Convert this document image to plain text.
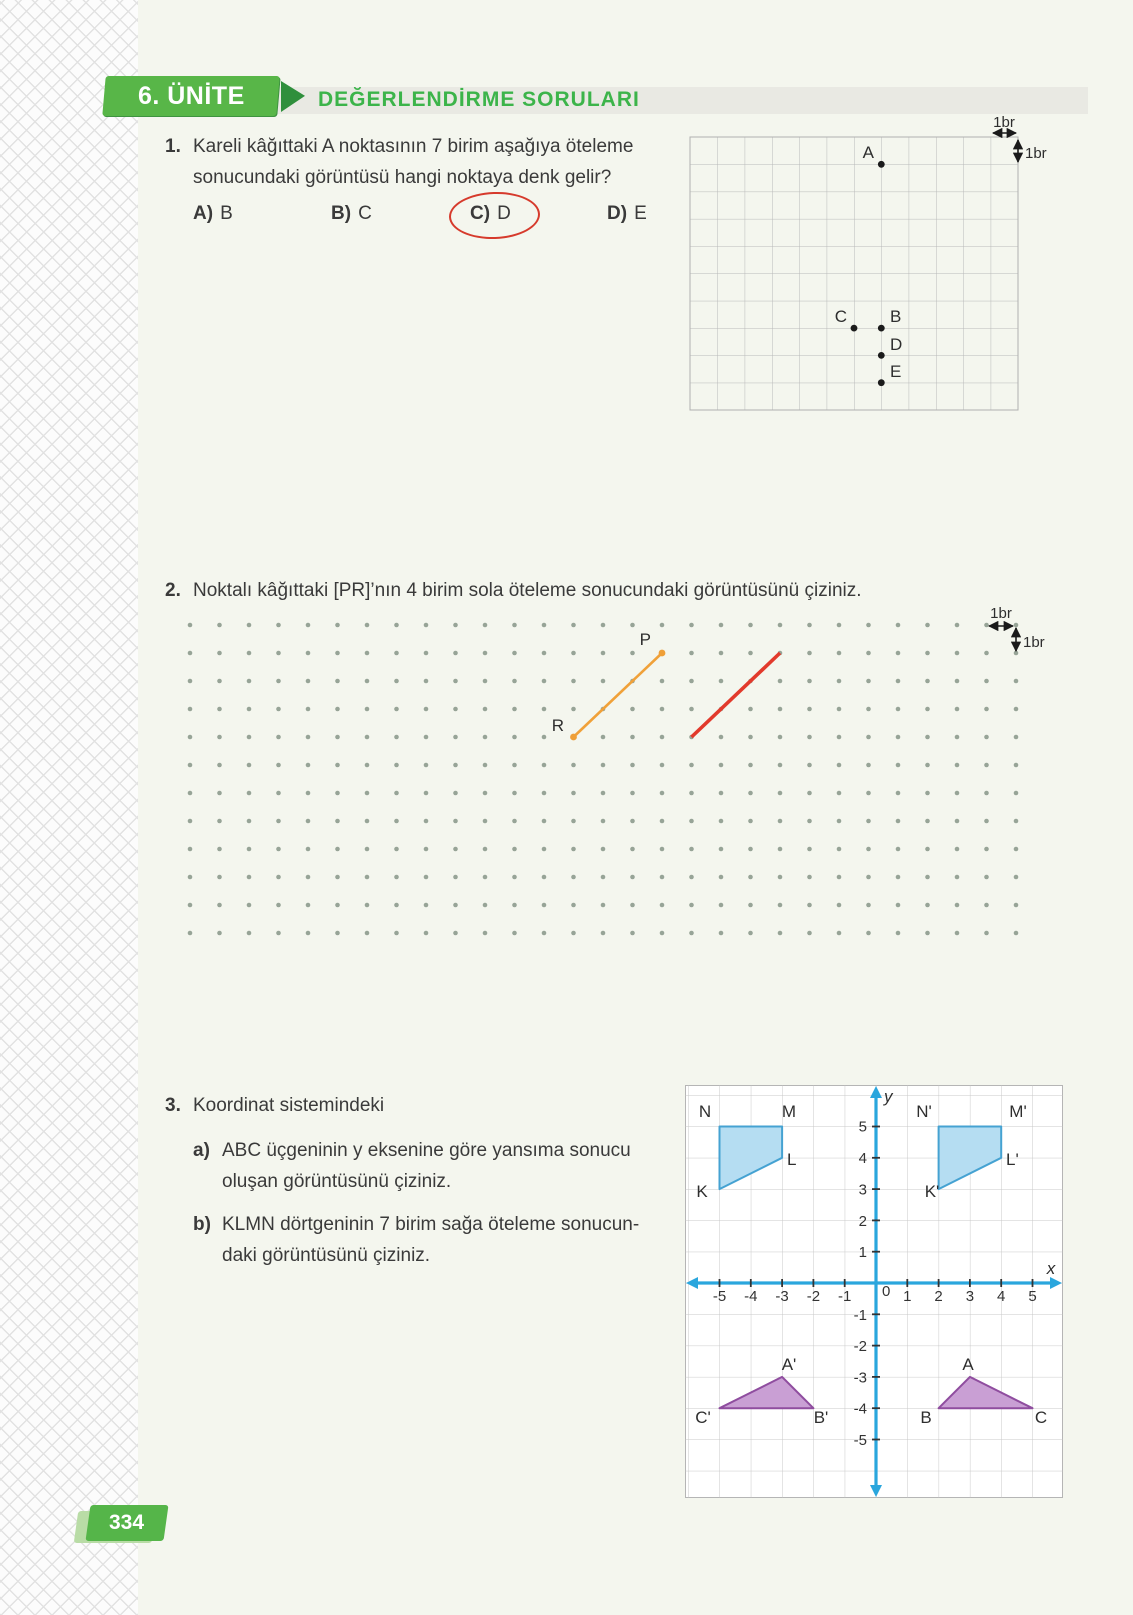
6. ÜNİTE	DEĞERLENDİRME SORULARI
1. Kareli kâğıttaki A noktasının 7 birim aşağıya öteleme
sonucundaki görüntüsü hangi noktaya denk gelir?
A) B	B) C	C) D	D) E
A
C	B
D
E
1br
1br
2. Noktalı kâğıttaki [PR]’nın 4 birim sola öteleme sonucundaki görüntüsünü çiziniz.
P
R
1br
1br
3. Koordinat sistemindeki
a) ABC üçgeninin y eksenine göre yansıma sonucu
oluşan görüntüsünü çiziniz.
b) KLMN dörtgeninin 7 birim sağa öteleme sonucun-
daki görüntüsünü çiziniz.
-5 -4 -3 -2 -1 0 1 2 3 4 5
1
2
3
4
5
-1
-2
-3
-4
-5
y
x
N	M
L
K
N'	M'
L'
K'
A'
B'
C'
A
B	C
334
